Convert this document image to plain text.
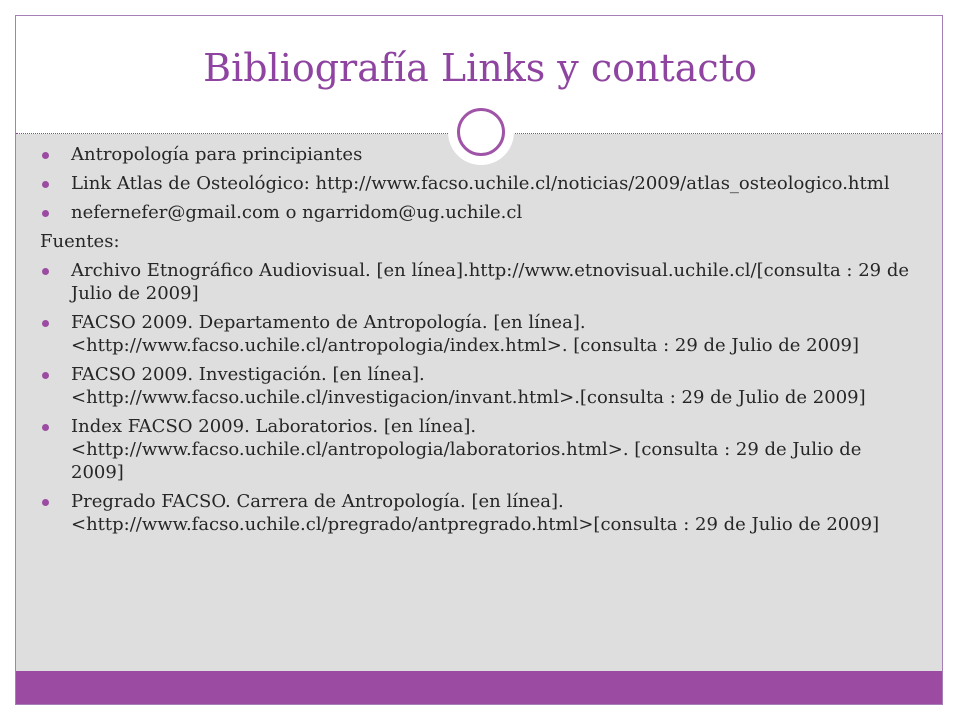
Bibliografía Links y contacto
Antropología para principiantes
Link Atlas de Osteológico: http://www.facso.uchile.cl/noticias/2009/atlas_osteologico.html
nefernefer@gmail.com o ngarridom@ug.uchile.cl
Fuentes:
Archivo Etnográfico Audiovisual. [en línea].http://www.etnovisual.uchile.cl/[consulta : 29 de Julio de 2009]
FACSO 2009. Departamento de Antropología. [en línea]. <http://www.facso.uchile.cl/antropologia/index.html>. [consulta : 29 de Julio de 2009]
FACSO 2009. Investigación. [en línea].<http://www.facso.uchile.cl/investigacion/invant.html>.[consulta : 29 de Julio de 2009]
Index FACSO 2009. Laboratorios. [en línea]. <http://www.facso.uchile.cl/antropologia/laboratorios.html>. [consulta : 29 de Julio de 2009]
Pregrado FACSO. Carrera de Antropología. [en línea].<http://www.facso.uchile.cl/pregrado/antpregrado.html>[consulta : 29 de Julio de 2009]
